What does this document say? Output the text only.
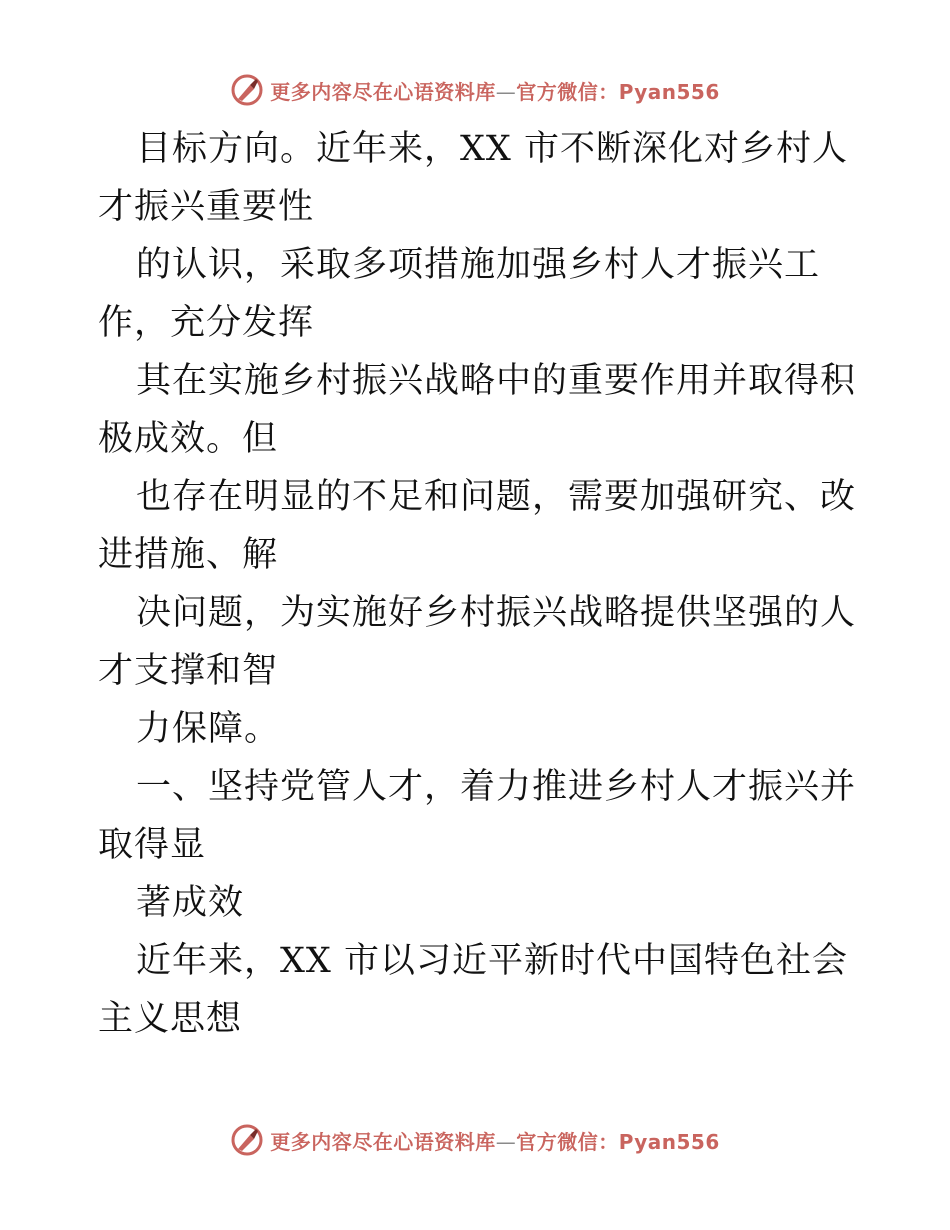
更多内容尽在心语资料库—官方微信：Pyan556

目标方向。近年来，XX 市不断深化对乡村人才振兴重要性

的认识，采取多项措施加强乡村人才振兴工作，充分发挥

其在实施乡村振兴战略中的重要作用并取得积极成效。但

也存在明显的不足和问题，需要加强研究、改进措施、解

决问题，为实施好乡村振兴战略提供坚强的人才支撑和智

力保障。

一、坚持党管人才，着力推进乡村人才振兴并取得显

著成效

近年来，XX 市以习近平新时代中国特色社会主义思想

更多内容尽在心语资料库—官方微信：Pyan556
